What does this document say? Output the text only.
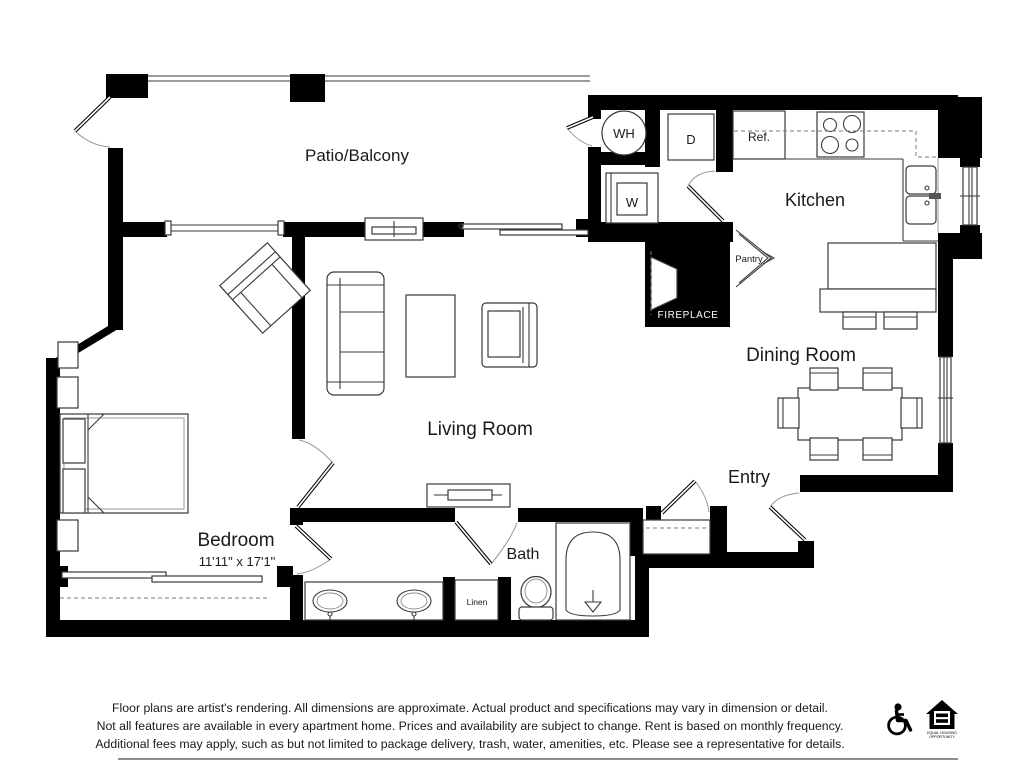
Patio/Balcony
Kitchen
Living Room
Dining Room
Entry
Bedroom
11'11" x 17'1"	Bath
Linen
Pantry
FIREPLACE
WH	D
W
Ref.
Floor plans are artist's rendering. All dimensions are approximate. Actual product and specifications may vary in dimension or detail.
Not all features are available in every apartment home. Prices and availability are subject to change. Rent is based on monthly frequency.
Additional fees may apply, such as but not limited to package delivery, trash, water, amenities, etc. Please see a representative for details.
EQUAL HOUSING
OPPORTUNITY
